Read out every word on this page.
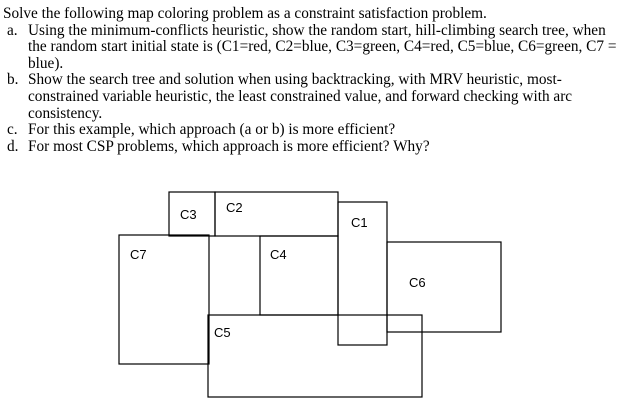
Solve the following map coloring problem as a constraint satisfaction problem.
a. Using the minimum-conflicts heuristic, show the random start, hill-climbing search tree, when the random start initial state is (C1=red, C2=blue, C3=green, C4=red, C5=blue, C6=green, C7 = blue).
b. Show the search tree and solution when using backtracking, with MRV heuristic, most-constrained variable heuristic, the least constrained value, and forward checking with arc consistency.
c. For this example, which approach (a or b) is more efficient?
d. For most CSP problems, which approach is more efficient? Why?
C3 C2
C1
C7	C4
C6
C5
